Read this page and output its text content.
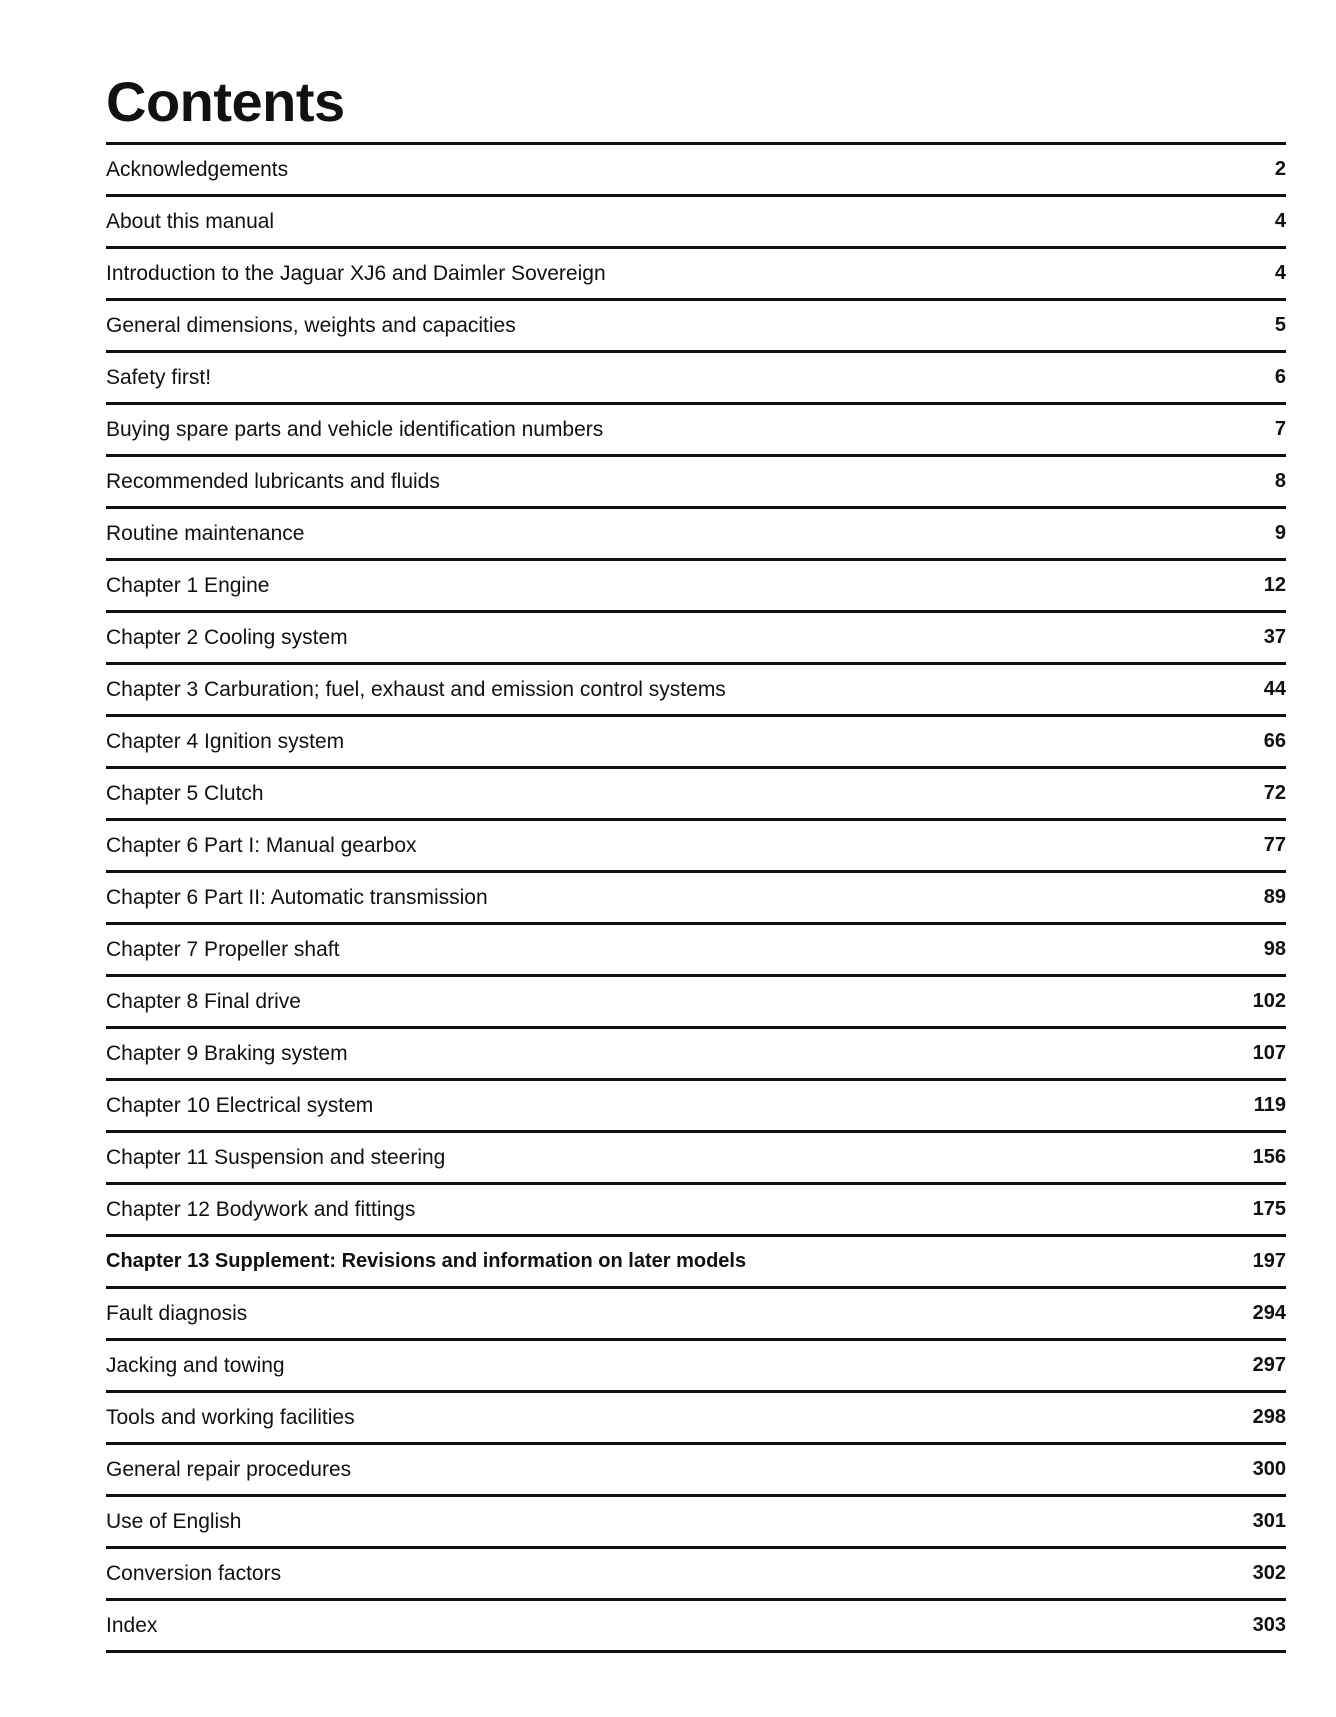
Contents
Acknowledgements	2
About this manual	4
Introduction to the Jaguar XJ6 and Daimler Sovereign	4
General dimensions, weights and capacities	5
Safety first!	6
Buying spare parts and vehicle identification numbers	7
Recommended lubricants and fluids	8
Routine maintenance	9
Chapter 1 Engine	12
Chapter 2 Cooling system	37
Chapter 3 Carburation; fuel, exhaust and emission control systems	44
Chapter 4 Ignition system	66
Chapter 5 Clutch	72
Chapter 6 Part I: Manual gearbox	77
Chapter 6 Part II: Automatic transmission	89
Chapter 7 Propeller shaft	98
Chapter 8 Final drive	102
Chapter 9 Braking system	107
Chapter 10 Electrical system	119
Chapter 11 Suspension and steering	156
Chapter 12 Bodywork and fittings	175
Chapter 13 Supplement: Revisions and information on later models	197
Fault diagnosis	294
Jacking and towing	297
Tools and working facilities	298
General repair procedures	300
Use of English	301
Conversion factors	302
Index	303
